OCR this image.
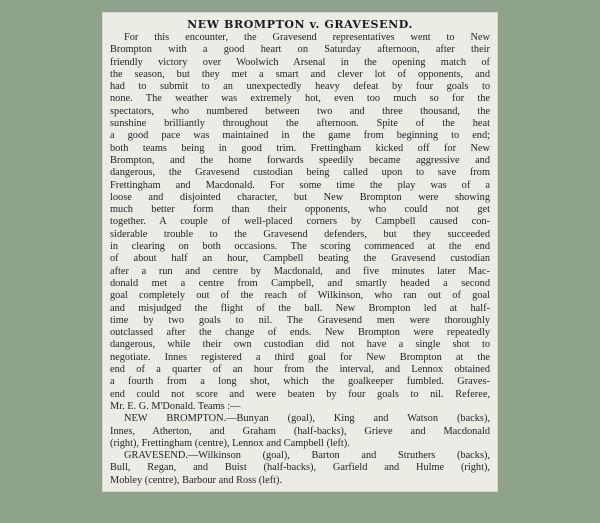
NEW BROMPTON v. GRAVESEND.
For this encounter, the Gravesend representatives went to New
Brompton with a good heart on Saturday afternoon, after their
friendly victory over Woolwich Arsenal in the opening match of
the season, but they met a smart and clever lot of opponents, and
had to submit to an unexpectedly heavy defeat by four goals to
none. The weather was extremely hot, even too much so for the
spectators, who numbered between two and three thousand, the
sunshine brilliantly throughout the afternoon. Spite of the heat
a good pace was maintained in the game from beginning to end;
both teams being in good trim. Frettingham kicked off for New
Brompton, and the home forwards speedily became aggressive and
dangerous, the Gravesend custodian being called upon to save from
Frettingham and Macdonald. For some time the play was of a
loose and disjointed character, but New Brompton were showing
much better form than their opponents, who could not get
together. A couple of well-placed corners by Campbell caused con-
siderable trouble to the Gravesend defenders, but they succeeded
in clearing on both occasions. The scoring commenced at the end
of about half an hour, Campbell beating the Gravesend custodian
after a run and centre by Macdonald, and five minutes later Mac-
donald met a centre from Campbell, and smartly headed a second
goal completely out of the reach of Wilkinson, who ran out of goal
and misjudged the flight of the ball. New Brompton led at half-
time by two goals to nil. The Gravesend men were thoroughly
outclassed after the change of ends. New Brompton were repeatedly
dangerous, while their own custodian did not have a single shot to
negotiate. Innes registered a third goal for New Brompton at the
end of a quarter of an hour from the interval, and Lennox obtained
a fourth from a long shot, which the goalkeeper fumbled. Graves-
end could not score and were beaten by four goals to nil. Referee,
Mr. E. G. M'Donald. Teams :—
NEW BROMPTON.—Bunyan (goal), King and Watson (backs),
Innes, Atherton, and Graham (half-backs), Grieve and Macdonald
(right), Frettingham (centre), Lennox and Campbell (left).
GRAVESEND.—Wilkinson (goal), Barton and Struthers (backs),
Bull, Regan, and Buist (half-backs), Garfield and Hulme (right),
Mobley (centre), Barbour and Ross (left).
